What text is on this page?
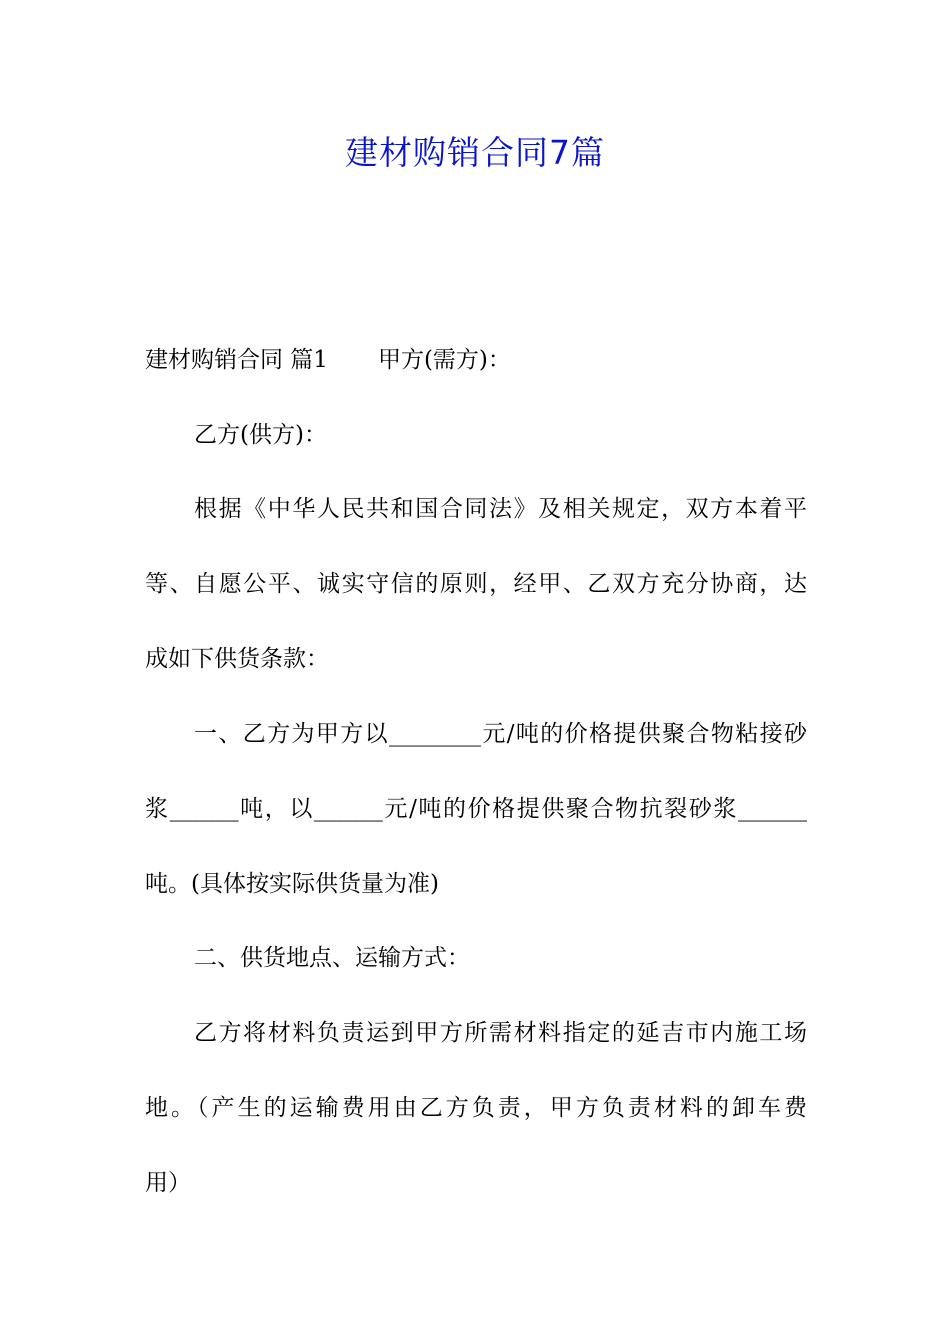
建材购销合同7篇
建材购销合同 篇1 甲方(需方)：
乙方(供方)：
根据《中华人民共和国合同法》及相关规定，双方本着平
等、自愿公平、诚实守信的原则，经甲、乙双方充分协商，达
成如下供货条款：
一、乙方为甲方以________元/吨的价格提供聚合物粘接砂
浆______吨，以______元/吨的价格提供聚合物抗裂砂浆______
吨。(具体按实际供货量为准)
二、供货地点、运输方式：
乙方将材料负责运到甲方所需材料指定的延吉市内施工场
地。（产生的运输费用由乙方负责，甲方负责材料的卸车费
用）
